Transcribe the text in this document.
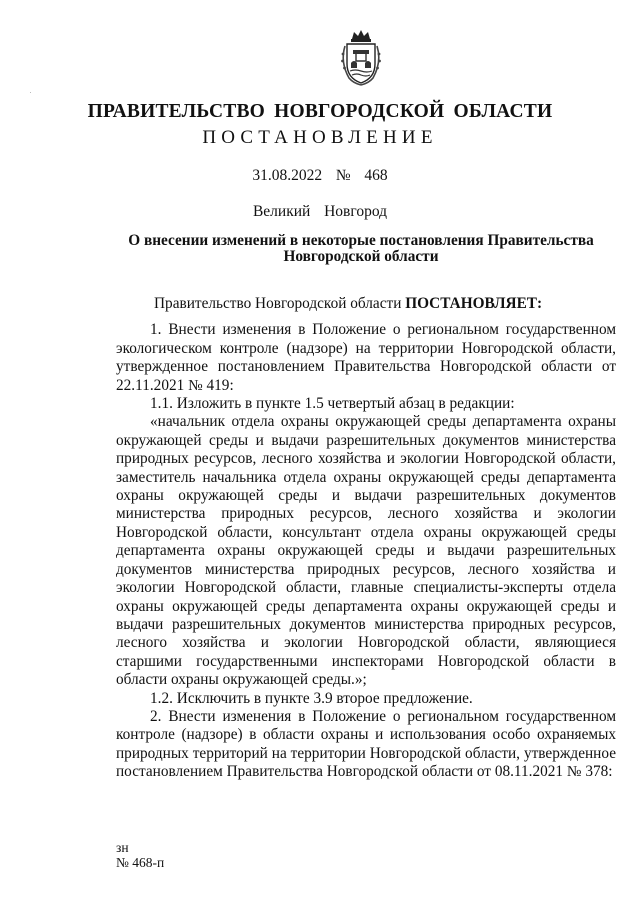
ПРАВИТЕЛЬСТВО НОВГОРОДСКОЙ ОБЛАСТИ
ПОСТАНОВЛЕНИЕ
31.08.2022  №  468
Великий  Новгород
О внесении изменений в некоторые постановления Правительства Новгородской области

Правительство Новгородской области ПОСТАНОВЛЯЕТ:

1. Внести изменения в Положение о региональном государственном экологическом контроле (надзоре) на территории Новгородской области, утвержденное постановлением Правительства Новгородской области от 22.11.2021 № 419:

1.1. Изложить в пункте 1.5 четвертый абзац в редакции:

«начальник отдела охраны окружающей среды департамента охраны окружающей среды и выдачи разрешительных документов министерства природных ресурсов, лесного хозяйства и экологии Новгородской области, заместитель начальника отдела охраны окружающей среды департамента охраны окружающей среды и выдачи разрешительных документов министерства природных ресурсов, лесного хозяйства и экологии Новгородской области, консультант отдела охраны окружающей среды департамента охраны окружающей среды и выдачи разрешительных документов министерства природных ресурсов, лесного хозяйства и экологии Новгородской области, главные специалисты-эксперты отдела охраны окружающей среды департамента охраны окружающей среды и выдачи разрешительных документов министерства природных ресурсов, лесного хозяйства и экологии Новгородской области, являющиеся старшими государственными инспекторами Новгородской области в области охраны окружающей среды.»;

1.2. Исключить в пункте 3.9 второе предложение.

2. Внести изменения в Положение о региональном государственном контроле (надзоре) в области охраны и использования особо охраняемых природных территорий на территории Новгородской области, утвержденное постановлением Правительства Новгородской области от 08.11.2021 № 378:

зн
№ 468-п
